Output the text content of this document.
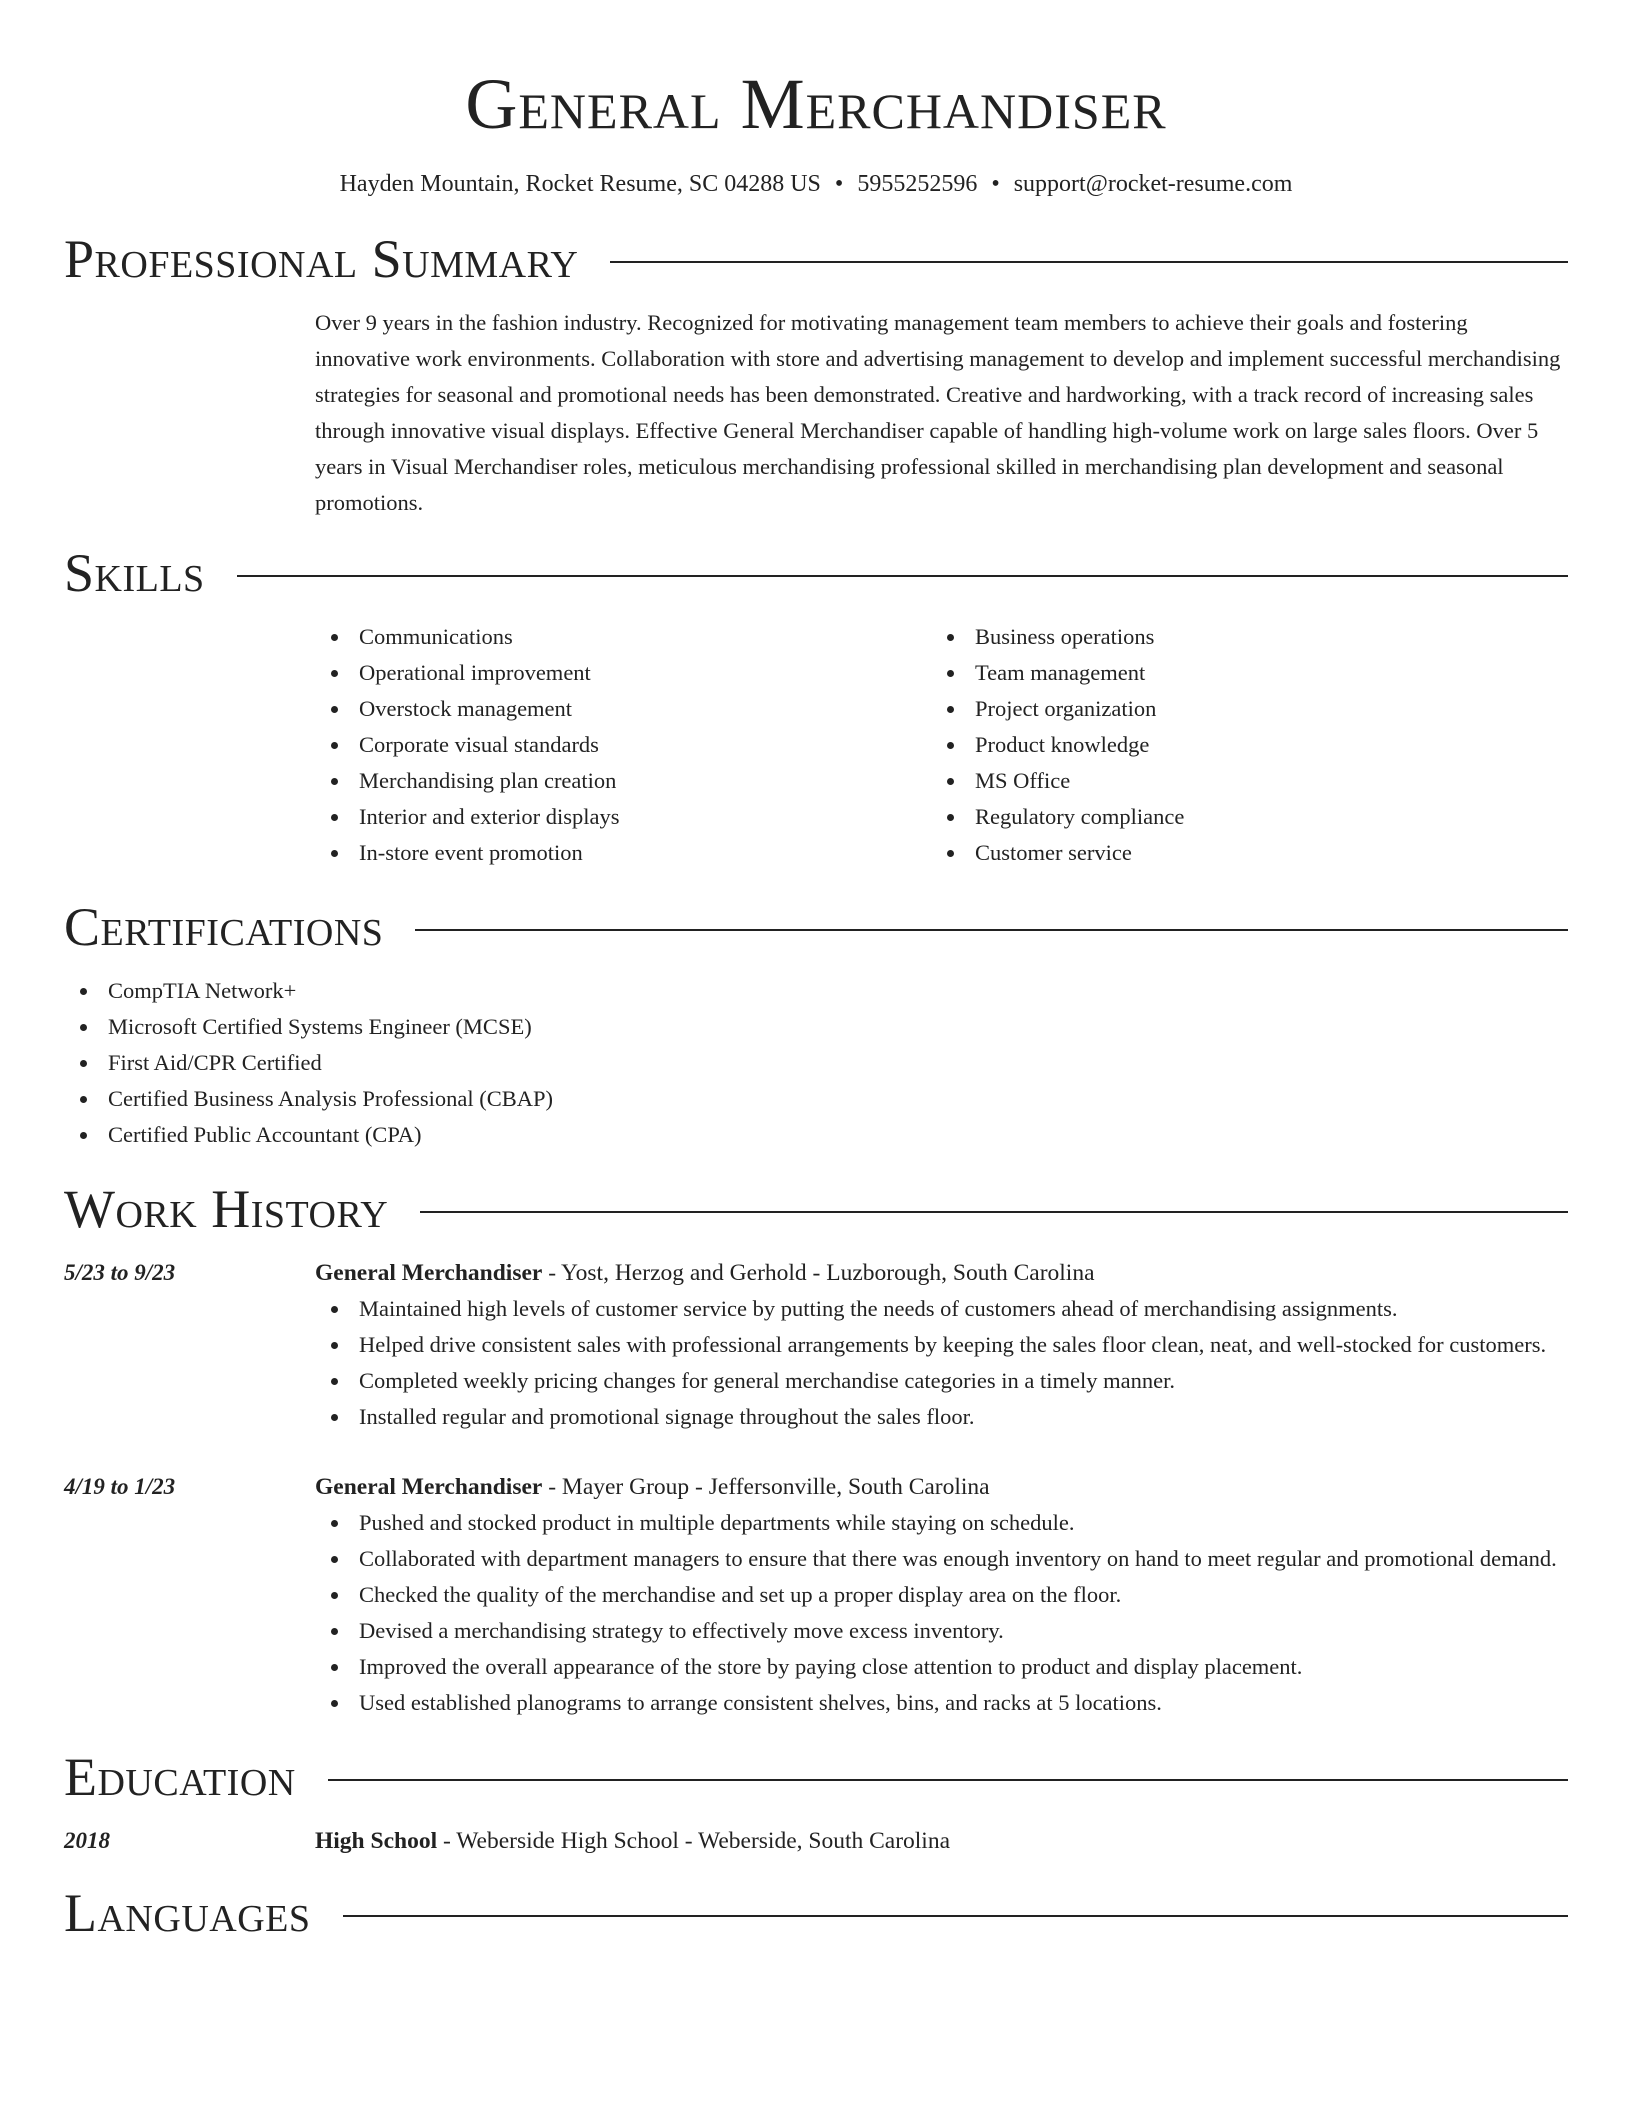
General Merchandiser
Hayden Mountain, Rocket Resume, SC 04288 US • 5955252596 • support@rocket-resume.com
Professional Summary
Over 9 years in the fashion industry. Recognized for motivating management team members to achieve their goals and fostering innovative work environments. Collaboration with store and advertising management to develop and implement successful merchandising strategies for seasonal and promotional needs has been demonstrated. Creative and hardworking, with a track record of increasing sales through innovative visual displays. Effective General Merchandiser capable of handling high-volume work on large sales floors. Over 5 years in Visual Merchandiser roles, meticulous merchandising professional skilled in merchandising plan development and seasonal promotions.
Skills
Communications
Operational improvement
Overstock management
Corporate visual standards
Merchandising plan creation
Interior and exterior displays
In-store event promotion
Business operations
Team management
Project organization
Product knowledge
MS Office
Regulatory compliance
Customer service
Certifications
CompTIA Network+
Microsoft Certified Systems Engineer (MCSE)
First Aid/CPR Certified
Certified Business Analysis Professional (CBAP)
Certified Public Accountant (CPA)
Work History
5/23 to 9/23	General Merchandiser - Yost, Herzog and Gerhold - Luzborough, South Carolina
Maintained high levels of customer service by putting the needs of customers ahead of merchandising assignments.
Helped drive consistent sales with professional arrangements by keeping the sales floor clean, neat, and well-stocked for customers.
Completed weekly pricing changes for general merchandise categories in a timely manner.
Installed regular and promotional signage throughout the sales floor.
4/19 to 1/23	General Merchandiser - Mayer Group - Jeffersonville, South Carolina
Pushed and stocked product in multiple departments while staying on schedule.
Collaborated with department managers to ensure that there was enough inventory on hand to meet regular and promotional demand.
Checked the quality of the merchandise and set up a proper display area on the floor.
Devised a merchandising strategy to effectively move excess inventory.
Improved the overall appearance of the store by paying close attention to product and display placement.
Used established planograms to arrange consistent shelves, bins, and racks at 5 locations.
Education
2018	High School - Weberside High School - Weberside, South Carolina
Languages
